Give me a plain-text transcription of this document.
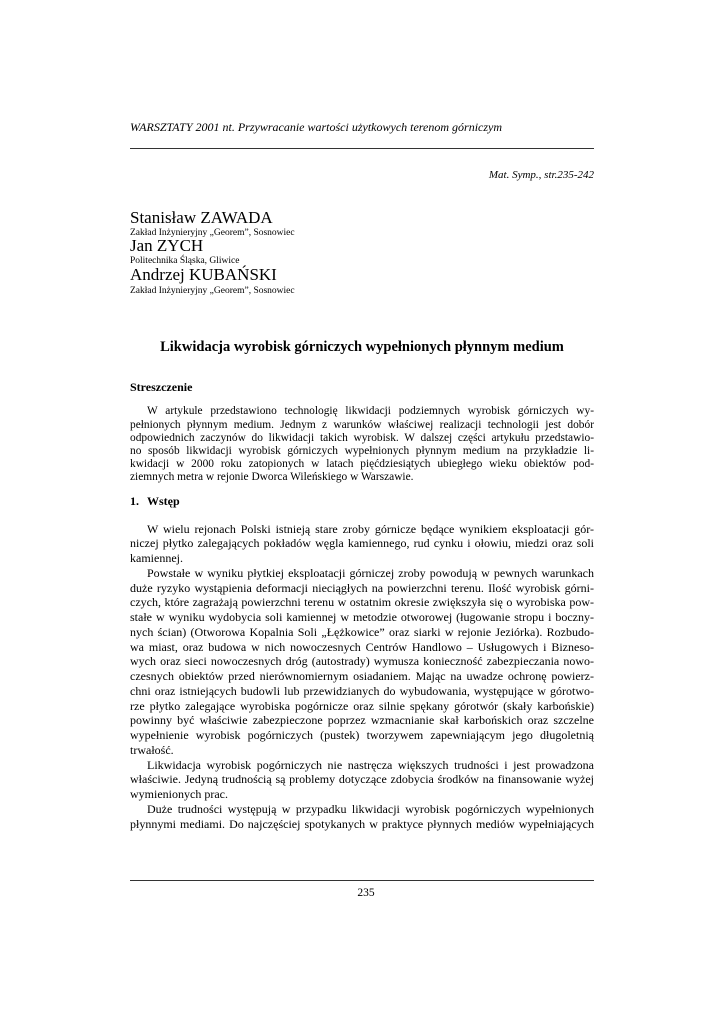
WARSZTATY 2001 nt. Przywracanie wartości użytkowych terenom górniczym
Mat. Symp., str.235-242
Stanisław ZAWADA
Zakład Inżynieryjny „Georem”, Sosnowiec
Jan ZYCH
Politechnika Śląska, Gliwice
Andrzej KUBAŃSKI
Zakład Inżynieryjny „Georem”, Sosnowiec
Likwidacja wyrobisk górniczych wypełnionych płynnym medium
Streszczenie
W artykule przedstawiono technologię likwidacji podziemnych wyrobisk górniczych wy-
pełnionych płynnym medium. Jednym z warunków właściwej realizacji technologii jest dobór
odpowiednich zaczynów do likwidacji takich wyrobisk. W dalszej części artykułu przedstawio-
no sposób likwidacji wyrobisk górniczych wypełnionych płynnym medium na przykładzie li-
kwidacji w 2000 roku zatopionych w latach pięćdziesiątych ubiegłego wieku obiektów pod-
ziemnych metra w rejonie Dworca Wileńskiego w Warszawie.
1. Wstęp
W wielu rejonach Polski istnieją stare zroby górnicze będące wynikiem eksploatacji gór-
niczej płytko zalegających pokładów węgla kamiennego, rud cynku i ołowiu, miedzi oraz soli
kamiennej.
Powstałe w wyniku płytkiej eksploatacji górniczej zroby powodują w pewnych warunkach
duże ryzyko wystąpienia deformacji nieciągłych na powierzchni terenu. Ilość wyrobisk górni-
czych, które zagrażają powierzchni terenu w ostatnim okresie zwiększyła się o wyrobiska pow-
stałe w wyniku wydobycia soli kamiennej w metodzie otworowej (ługowanie stropu i boczny-
nych ścian) (Otworowa Kopalnia Soli „Łężkowice” oraz siarki w rejonie Jeziórka). Rozbudo-
wa miast, oraz budowa w nich nowoczesnych Centrów Handlowo – Usługowych i Bizneso-
wych oraz sieci nowoczesnych dróg (autostrady) wymusza konieczność zabezpieczania nowo-
czesnych obiektów przed nierównomiernym osiadaniem. Mając na uwadze ochronę powierz-
chni oraz istniejących budowli lub przewidzianych do wybudowania, występujące w górotwo-
rze płytko zalegające wyrobiska pogórnicze oraz silnie spękany górotwór (skały karbońskie)
powinny być właściwie zabezpieczone poprzez wzmacnianie skał karbońskich oraz szczelne
wypełnienie wyrobisk pogórniczych (pustek) tworzywem zapewniającym jego długoletnią
trwałość.
Likwidacja wyrobisk pogórniczych nie nastręcza większych trudności i jest prowadzona
właściwie. Jedyną trudnością są problemy dotyczące zdobycia środków na finansowanie wyżej
wymienionych prac.
Duże trudności występują w przypadku likwidacji wyrobisk pogórniczych wypełnionych
płynnymi mediami. Do najczęściej spotykanych w praktyce płynnych mediów wypełniających
235
